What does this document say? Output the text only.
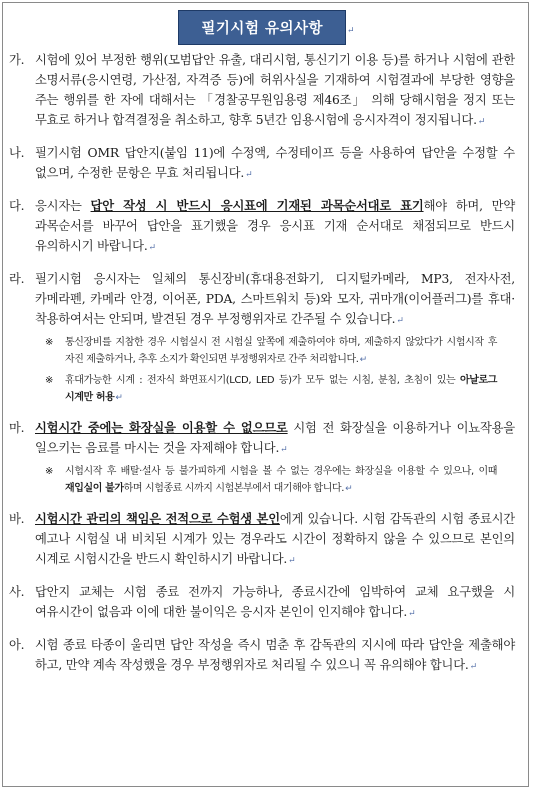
필기시험 유의사항	↵
가. 시험에 있어 부정한 행위(모범답안 유출, 대리시험, 통신기기 이용 등)를 하거나 시험에 관한 소명서류(응시연령, 가산점, 자격증 등)에 허위사실을 기재하여 시험결과에 부당한 영향을 주는 행위를 한 자에 대해서는 「경찰공무원임용령 제46조」 의해 당해시험을 정지 또는 무효로 하거나 합격결정을 취소하고, 향후 5년간 임용시험에 응시자격이 정지됩니다.↵
나. 필기시험 OMR 답안지(붙임 11)에 수정액, 수정테이프 등을 사용하여 답안을 수정할 수 없으며, 수정한 문항은 무효 처리됩니다.↵
다. 응시자는 답안 작성 시 반드시 응시표에 기재된 과목순서대로 표기해야 하며, 만약 과목순서를 바꾸어 답안을 표기했을 경우 응시표 기재 순서대로 채점되므로 반드시 유의하시기 바랍니다.↵
라. 필기시험 응시자는 일체의 통신장비(휴대용전화기, 디지털카메라, MP3, 전자사전, 카메라펜, 카메라 안경, 이어폰, PDA, 스마트워치 등)와 모자, 귀마개(이어플러그)를 휴대·착용하여서는 안되며, 발견된 경우 부정행위자로 간주될 수 있습니다.↵
※ 통신장비를 지참한 경우 시험실시 전 시험실 앞쪽에 제출하여야 하며, 제출하지 않았다가 시험시작 후 자진 제출하거나, 추후 소지가 확인되면 부정행위자로 간주 처리합니다.↵
※ 휴대가능한 시계 : 전자식 화면표시기(LCD, LED 등)가 모두 없는 시침, 분침, 초침이 있는 아날로그 시계만 허용↵
마. 시험시간 중에는 화장실을 이용할 수 없으므로 시험 전 화장실을 이용하거나 이뇨작용을 일으키는 음료를 마시는 것을 자제해야 합니다.↵
※ 시험시작 후 배탈·설사 등 불가피하게 시험을 볼 수 없는 경우에는 화장실을 이용할 수 있으나, 이때 재입실이 불가하며 시험종료 시까지 시험본부에서 대기해야 합니다.↵
바. 시험시간 관리의 책임은 전적으로 수험생 본인에게 있습니다. 시험 감독관의 시험 종료시간 예고나 시험실 내 비치된 시계가 있는 경우라도 시간이 정확하지 않을 수 있으므로 본인의 시계로 시험시간을 반드시 확인하시기 바랍니다.↵
사. 답안지 교체는 시험 종료 전까지 가능하나, 종료시간에 임박하여 교체 요구했을 시 여유시간이 없음과 이에 대한 불이익은 응시자 본인이 인지해야 합니다.↵
아. 시험 종료 타종이 울리면 답안 작성을 즉시 멈춘 후 감독관의 지시에 따라 답안을 제출해야 하고, 만약 계속 작성했을 경우 부정행위자로 처리될 수 있으니 꼭 유의해야 합니다.↵
